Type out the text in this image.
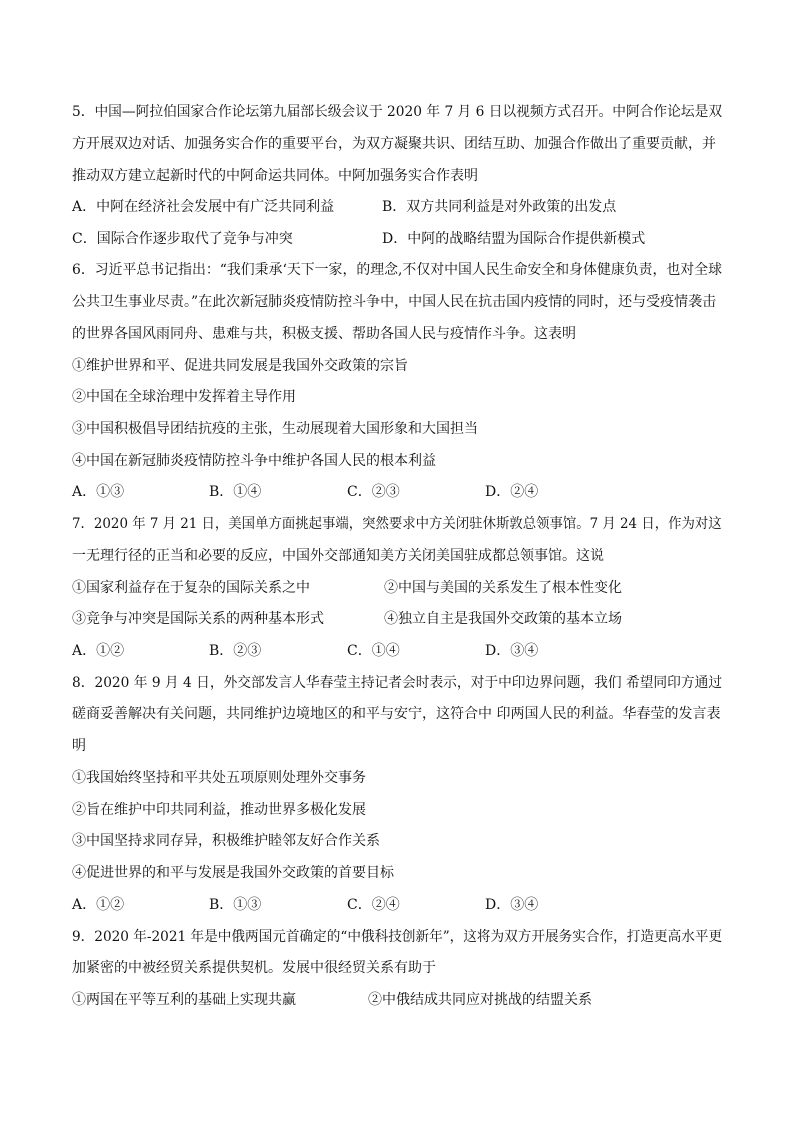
5．中国—阿拉伯国家合作论坛第九届部长级会议于 2020 年 7 月 6 日以视频方式召开。中阿合作论坛是双
方开展双边对话、加强务实合作的重要平台，为双方凝聚共识、团结互助、加强合作做出了重要贡献，并
推动双方建立起新时代的中阿命运共同体。中阿加强务实合作表明
A．中阿在经济社会发展中有广泛共同利益	B．双方共同利益是对外政策的出发点
C．国际合作逐步取代了竞争与冲突	D．中阿的战略结盟为国际合作提供新模式
6．习近平总书记指出：“我们秉承‘天下一家，的理念,不仅对中国人民生命安全和身体健康负责，也对全球
公共卫生事业尽责。”在此次新冠肺炎疫情防控斗争中，中国人民在抗击国内疫情的同时，还与受疫情袭击
的世界各国风雨同舟、患难与共，积极支援、帮助各国人民与疫情作斗争。这表明
①维护世界和平、促进共同发展是我国外交政策的宗旨
②中国在全球治理中发挥着主导作用
③中国积极倡导团结抗疫的主张，生动展现着大国形象和大国担当
④中国在新冠肺炎疫情防控斗争中维护各国人民的根本利益
A．①③	B．①④	C．②③	D．②④
7．2020 年 7 月 21 日，美国单方面挑起事端，突然要求中方关闭驻休斯敦总领事馆。7 月 24 日，作为对这
一无理行径的正当和必要的反应，中国外交部通知美方关闭美国驻成都总领事馆。这说
①国家利益存在于复杂的国际关系之中	②中国与美国的关系发生了根本性变化
③竞争与冲突是国际关系的两种基本形式	④独立自主是我国外交政策的基本立场
A．①②	B．②③	C．①④	D．③④
8．2020 年 9 月 4 日，外交部发言人华春莹主持记者会时表示，对于中印边界问题，我们 希望同印方通过
磋商妥善解决有关问题，共同维护边境地区的和平与安宁，这符合中 印两国人民的利益。华春莹的发言表
明
①我国始终坚持和平共处五项原则处理外交事务
②旨在维护中印共同利益，推动世界多极化发展
③中国坚持求同存异，积极维护睦邻友好合作关系
④促进世界的和平与发展是我国外交政策的首要目标
A．①②	B．①③	C．②④	D．③④
9．2020 年-2021 年是中俄两国元首确定的“中俄科技创新年”，这将为双方开展务实合作，打造更高水平更
加紧密的中被经贸关系提供契机。发展中很经贸关系有助于
①两国在平等互利的基础上实现共赢	②中俄结成共同应对挑战的结盟关系
